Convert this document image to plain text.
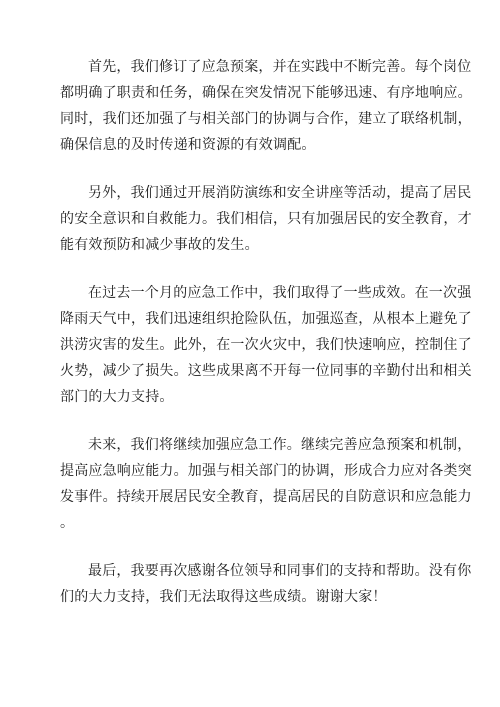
首先，我们修订了应急预案，并在实践中不断完善。每个岗位
都明确了职责和任务，确保在突发情况下能够迅速、有序地响应。
同时，我们还加强了与相关部门的协调与合作，建立了联络机制，
确保信息的及时传递和资源的有效调配。

另外，我们通过开展消防演练和安全讲座等活动，提高了居民
的安全意识和自救能力。我们相信，只有加强居民的安全教育，才
能有效预防和减少事故的发生。

在过去一个月的应急工作中，我们取得了一些成效。在一次强
降雨天气中，我们迅速组织抢险队伍，加强巡查，从根本上避免了
洪涝灾害的发生。此外，在一次火灾中，我们快速响应，控制住了
火势，减少了损失。这些成果离不开每一位同事的辛勤付出和相关
部门的大力支持。

未来，我们将继续加强应急工作。继续完善应急预案和机制，
提高应急响应能力。加强与相关部门的协调，形成合力应对各类突
发事件。持续开展居民安全教育，提高居民的自防意识和应急能力
。

最后，我要再次感谢各位领导和同事们的支持和帮助。没有你
们的大力支持，我们无法取得这些成绩。谢谢大家！
